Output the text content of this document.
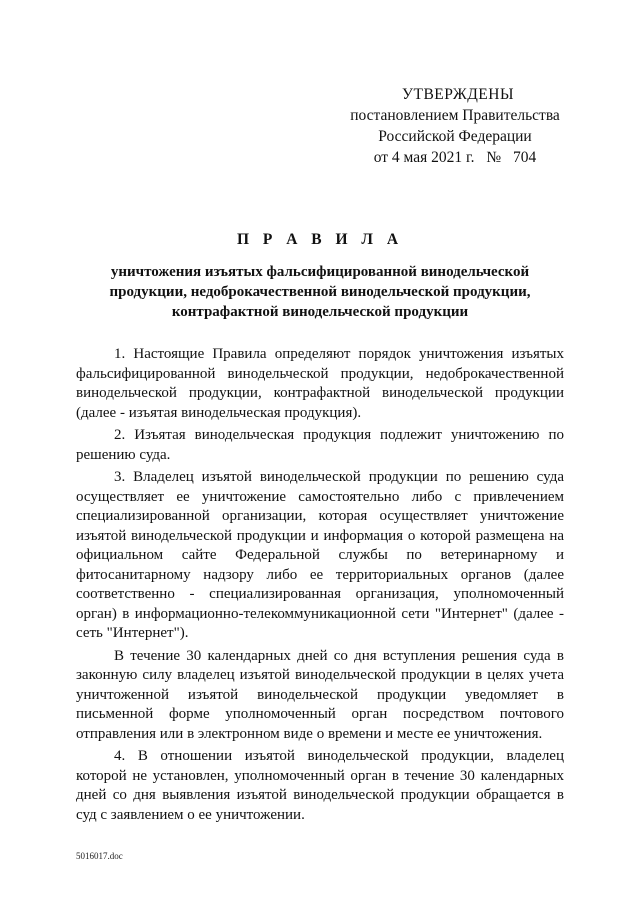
УТВЕРЖДЕНЫ
постановлением Правительства
Российской Федерации
от 4 мая 2021 г. № 704
П Р А В И Л А
уничтожения изъятых фальсифицированной винодельческой
продукции, недоброкачественной винодельческой продукции,
контрафактной винодельческой продукции

1. Настоящие Правила определяют порядок уничтожения изъятых фальсифицированной винодельческой продукции, недоброкачественной винодельческой продукции, контрафактной винодельческой продукции (далее - изъятая винодельческая продукция).

2. Изъятая винодельческая продукция подлежит уничтожению по решению суда.

3. Владелец изъятой винодельческой продукции по решению суда осуществляет ее уничтожение самостоятельно либо с привлечением специализированной организации, которая осуществляет уничтожение изъятой винодельческой продукции и информация о которой размещена на официальном сайте Федеральной службы по ветеринарному и фитосанитарному надзору либо ее территориальных органов (далее соответственно - специализированная организация, уполномоченный орган) в информационно-телекоммуникационной сети "Интернет" (далее - сеть "Интернет").

В течение 30 календарных дней со дня вступления решения суда в законную силу владелец изъятой винодельческой продукции в целях учета уничтоженной изъятой винодельческой продукции уведомляет в письменной форме уполномоченный орган посредством почтового отправления или в электронном виде о времени и месте ее уничтожения.

4. В отношении изъятой винодельческой продукции, владелец которой не установлен, уполномоченный орган в течение 30 календарных дней со дня выявления изъятой винодельческой продукции обращается в суд с заявлением о ее уничтожении.

5016017.doc
